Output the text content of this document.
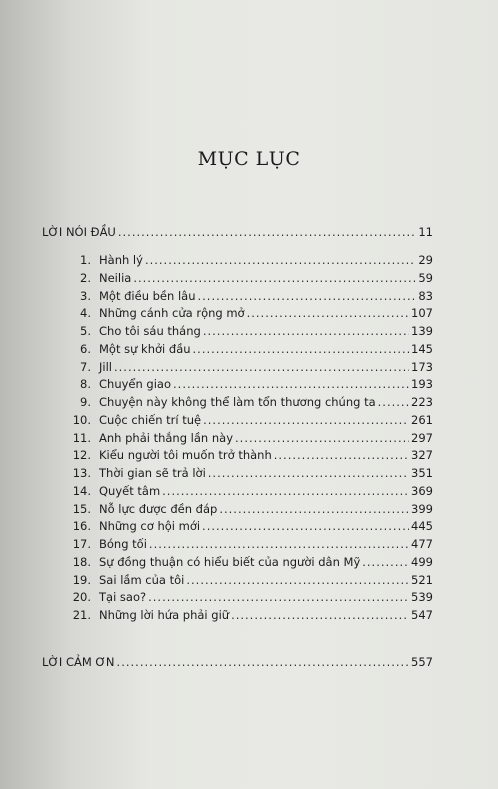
MỤC LỤC
LỜI NÓI ĐẦU .....	11
1. Hành lý .....	29
2. Neilia .....	59
3. Một điều bền lâu .....	83
4. Những cánh cửa rộng mở .....	107
5. Cho tôi sáu tháng .....	139
6. Một sự khởi đầu .....	145
7. Jill .....	173
8. Chuyển giao .....	193
9. Chuyện này không thể làm tổn thương chúng ta .....	223
10. Cuộc chiến trí tuệ .....	261
11. Anh phải thắng lần này .....	297
12. Kiểu người tôi muốn trở thành .....	327
13. Thời gian sẽ trả lời .....	351
14. Quyết tâm .....	369
15. Nỗ lực được đền đáp .....	399
16. Những cơ hội mới .....	445
17. Bóng tối .....	477
18. Sự đồng thuận có hiểu biết của người dân Mỹ .....	499
19. Sai lầm của tôi .....	521
20. Tại sao? .....	539
21. Những lời hứa phải giữ .....	547
LỜI CẢM ƠN .....	557
